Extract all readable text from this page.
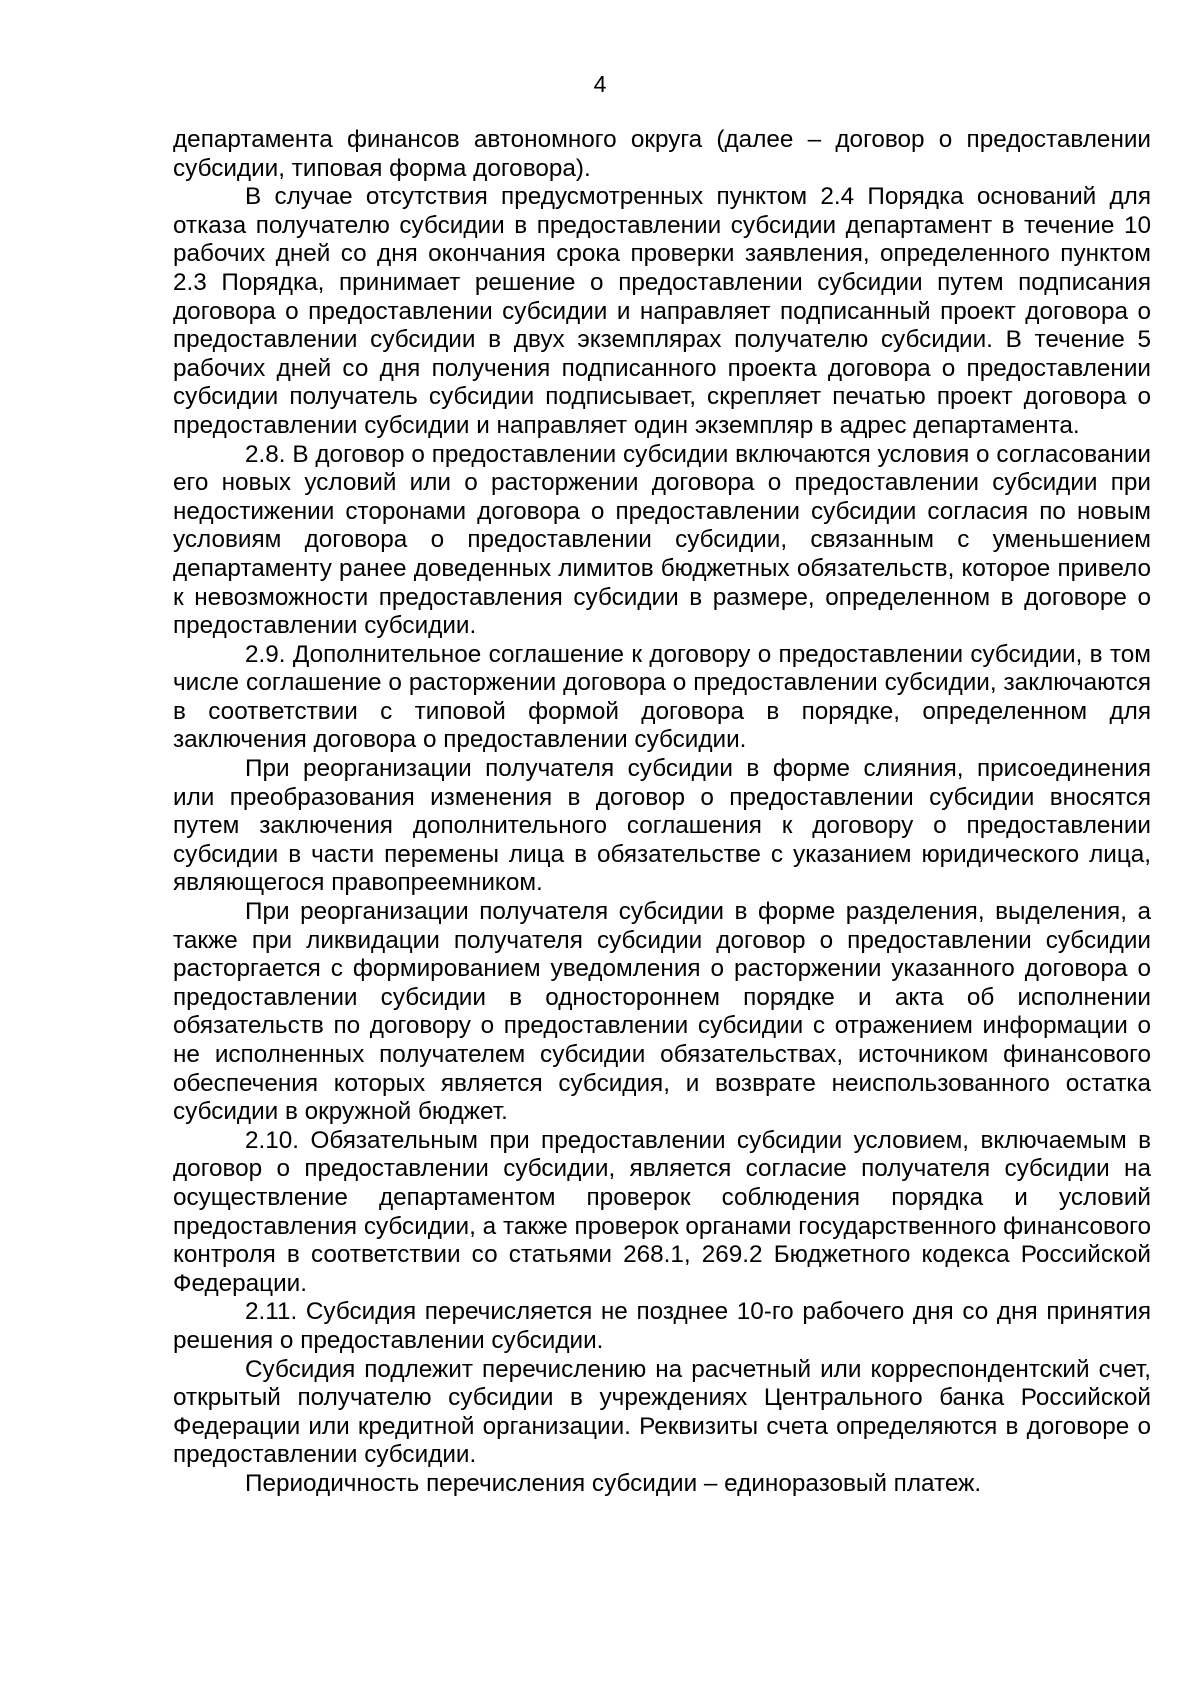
4

департамента финансов автономного округа (далее – договор о предоставлении субсидии, типовая форма договора).

В случае отсутствия предусмотренных пунктом 2.4 Порядка оснований для отказа получателю субсидии в предоставлении субсидии департамент в течение 10 рабочих дней со дня окончания срока проверки заявления, определенного пунктом 2.3 Порядка, принимает решение о предоставлении субсидии путем подписания договора о предоставлении субсидии и направляет подписанный проект договора о предоставлении субсидии в двух экземплярах получателю субсидии. В течение 5 рабочих дней со дня получения подписанного проекта договора о предоставлении субсидии получатель субсидии подписывает, скрепляет печатью проект договора о предоставлении субсидии и направляет один экземпляр в адрес департамента.

2.8. В договор о предоставлении субсидии включаются условия о согласовании его новых условий или о расторжении договора о предоставлении субсидии при недостижении сторонами договора о предоставлении субсидии согласия по новым условиям договора о предоставлении субсидии, связанным с уменьшением департаменту ранее доведенных лимитов бюджетных обязательств, которое привело к невозможности предоставления субсидии в размере, определенном в договоре о предоставлении субсидии.

2.9. Дополнительное соглашение к договору о предоставлении субсидии, в том числе соглашение о расторжении договора о предоставлении субсидии, заключаются в соответствии с типовой формой договора в порядке, определенном для заключения договора о предоставлении субсидии.

При реорганизации получателя субсидии в форме слияния, присоединения или преобразования изменения в договор о предоставлении субсидии вносятся путем заключения дополнительного соглашения к договору о предоставлении субсидии в части перемены лица в обязательстве с указанием юридического лица, являющегося правопреемником.

При реорганизации получателя субсидии в форме разделения, выделения, а также при ликвидации получателя субсидии договор о предоставлении субсидии расторгается с формированием уведомления о расторжении указанного договора о предоставлении субсидии в одностороннем порядке и акта об исполнении обязательств по договору о предоставлении субсидии с отражением информации о не исполненных получателем субсидии обязательствах, источником финансового обеспечения которых является субсидия, и возврате неиспользованного остатка субсидии в окружной бюджет.

2.10. Обязательным при предоставлении субсидии условием, включаемым в договор о предоставлении субсидии, является согласие получателя субсидии на осуществление департаментом проверок соблюдения порядка и условий предоставления субсидии, а также проверок органами государственного финансового контроля в соответствии со статьями 268.1, 269.2 Бюджетного кодекса Российской Федерации.

2.11. Субсидия перечисляется не позднее 10-го рабочего дня со дня принятия решения о предоставлении субсидии.

Субсидия подлежит перечислению на расчетный или корреспондентский счет, открытый получателю субсидии в учреждениях Центрального банка Российской Федерации или кредитной организации. Реквизиты счета определяются в договоре о предоставлении субсидии.

Периодичность перечисления субсидии – единоразовый платеж.
